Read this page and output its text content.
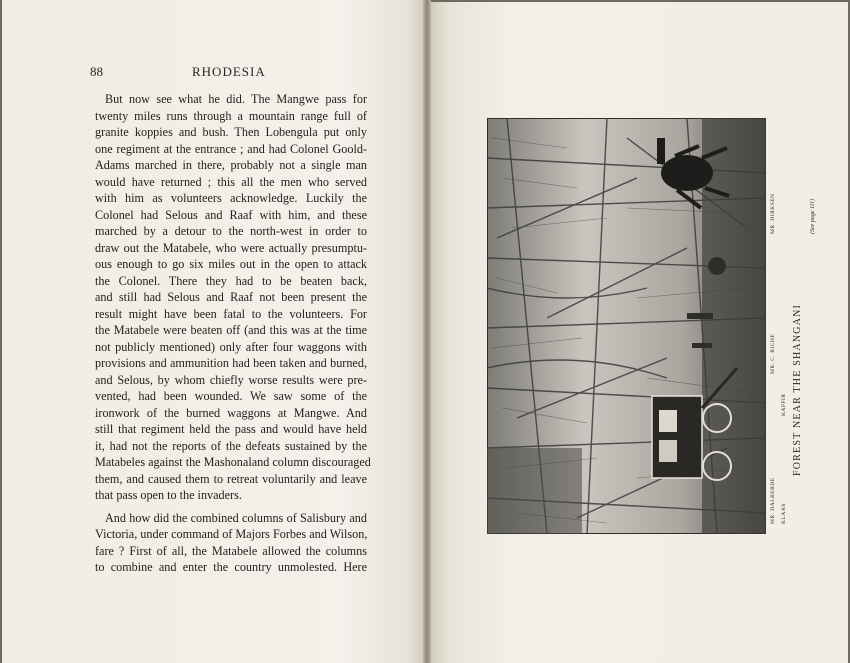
88	RHODESIA
But now see what he did. The Mangwe pass for
twenty miles runs through a mountain range full of
granite koppies and bush. Then Lobengula put only
one regiment at the entrance ; and had Colonel Goold-
Adams marched in there, probably not a single man
would have returned ; this all the men who served
with him as volunteers acknowledge. Luckily the
Colonel had Selous and Raaf with him, and these
marched by a detour to the north-west in order to
draw out the Matabele, who were actually presumptu-
ous enough to go six miles out in the open to attack
the Colonel. There they had to be beaten back,
and still had Selous and Raaf not been present the
result might have been fatal to the volunteers. For
the Matabele were beaten off (and this was at the time
not publicly mentioned) only after four waggons with
provisions and ammunition had been taken and burned,
and Selous, by whom chiefly worse results were pre-
vented, had been wounded. We saw some of the
ironwork of the burned waggons at Mangwe. And
still that regiment held the pass and would have held
it, had not the reports of the defeats sustained by the
Matabeles against the Mashonaland column discouraged
them, and caused them to retreat voluntarily and leave
that pass open to the invaders.
And how did the combined columns of Salisbury and
Victoria, under command of Majors Forbes and Wilson,
fare ? First of all, the Matabele allowed the columns
to combine and enter the country unmolested. Here
MR. DALBERDE
MR. C. RICHE
MR. DIRKSEN
KLAAS
KAFFIR FOREST NEAR THE SHANGANI
(See page 111)
